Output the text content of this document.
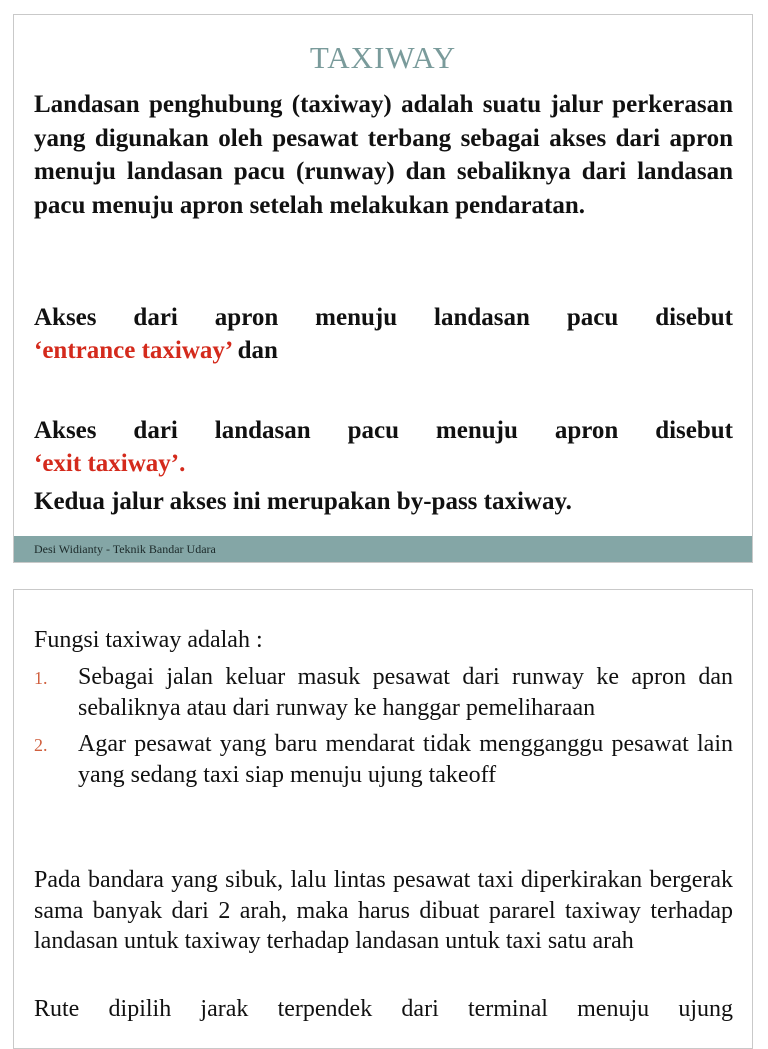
TAXIWAY

Landasan penghubung (taxiway) adalah suatu jalur perkerasan yang digunakan oleh pesawat terbang sebagai akses dari apron menuju landasan pacu (runway) dan sebaliknya dari landasan pacu menuju apron setelah melakukan pendaratan.

Akses dari apron menuju landasan pacu disebut

‘entrance taxiway’ dan

Akses dari landasan pacu menuju apron disebut

‘exit taxiway’.

Kedua jalur akses ini merupakan by-pass taxiway.

Desi Widianty - Teknik Bandar Udara

Fungsi taxiway adalah :

1. Sebagai jalan keluar masuk pesawat dari runway ke apron dan sebaliknya atau dari runway ke hanggar pemeliharaan
2. Agar pesawat yang baru mendarat tidak mengganggu pesawat lain yang sedang taxi siap menuju ujung takeoff

Pada bandara yang sibuk, lalu lintas pesawat taxi diperkirakan bergerak sama banyak dari 2 arah, maka harus dibuat pararel taxiway terhadap landasan untuk taxiway terhadap landasan untuk taxi satu arah

Rute dipilih jarak terpendek dari terminal menuju ujung
